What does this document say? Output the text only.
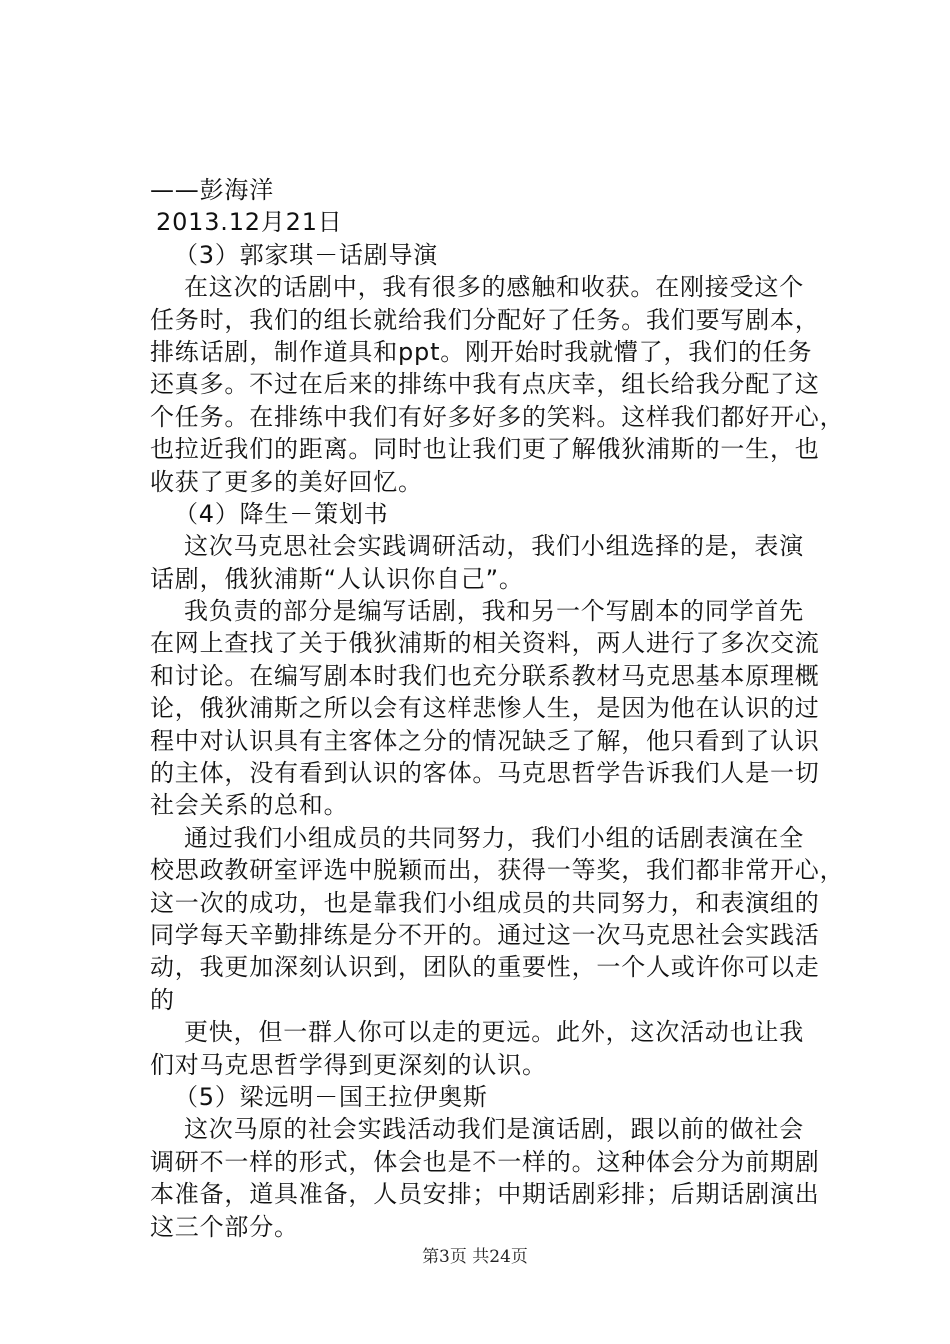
——彭海洋
2013.12月21日
（3）郭家琪－话剧导演
在这次的话剧中，我有很多的感触和收获。在刚接受这个
任务时，我们的组长就给我们分配好了任务。我们要写剧本，
排练话剧，制作道具和ppt。刚开始时我就懵了，我们的任务
还真多。不过在后来的排练中我有点庆幸，组长给我分配了这
个任务。在排练中我们有好多好多的笑料。这样我们都好开心，
也拉近我们的距离。同时也让我们更了解俄狄浦斯的一生，也
收获了更多的美好回忆。
（4）降生－策划书
这次马克思社会实践调研活动，我们小组选择的是，表演
话剧，俄狄浦斯“人认识你自己”。
我负责的部分是编写话剧，我和另一个写剧本的同学首先
在网上查找了关于俄狄浦斯的相关资料，两人进行了多次交流
和讨论。在编写剧本时我们也充分联系教材马克思基本原理概
论，俄狄浦斯之所以会有这样悲惨人生，是因为他在认识的过
程中对认识具有主客体之分的情况缺乏了解，他只看到了认识
的主体，没有看到认识的客体。马克思哲学告诉我们人是一切
社会关系的总和。
通过我们小组成员的共同努力，我们小组的话剧表演在全
校思政教研室评选中脱颖而出，获得一等奖，我们都非常开心，
这一次的成功，也是靠我们小组成员的共同努力，和表演组的
同学每天辛勤排练是分不开的。通过这一次马克思社会实践活
动，我更加深刻认识到，团队的重要性，一个人或许你可以走
的
更快，但一群人你可以走的更远。此外，这次活动也让我
们对马克思哲学得到更深刻的认识。
（5）梁远明－国王拉伊奥斯
这次马原的社会实践活动我们是演话剧，跟以前的做社会
调研不一样的形式，体会也是不一样的。这种体会分为前期剧
本准备，道具准备，人员安排；中期话剧彩排；后期话剧演出
这三个部分。
第3页 共24页
